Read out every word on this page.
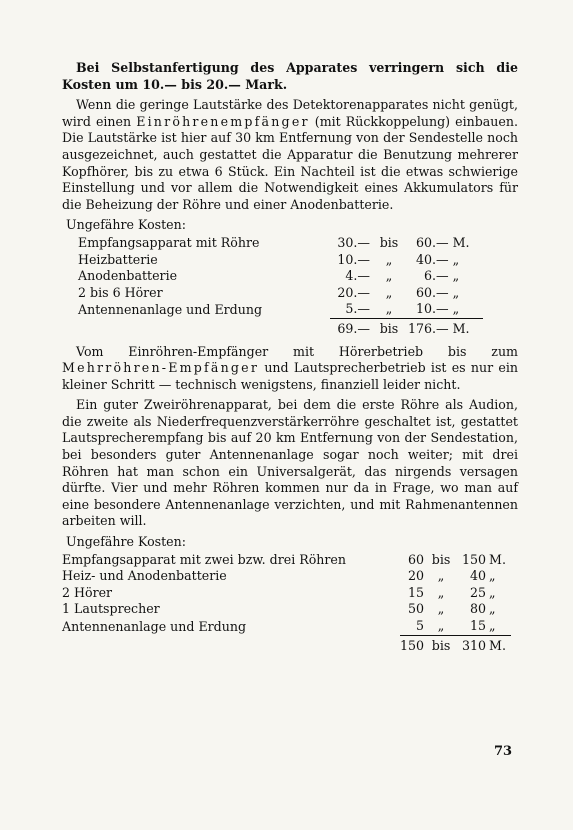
Bei Selbstanfertigung des Apparates verringern sich die Kosten um 10.— bis 20.— Mark.

Wenn die geringe Lautstärke des Detektorenapparates nicht genügt, wird einen Einröhrenempfänger (mit Rückkoppelung) einbauen. Die Lautstärke ist hier auf 30 km Entfernung von der Sendestelle noch ausgezeichnet, auch gestattet die Apparatur die Benutzung mehrerer Kopfhörer, bis zu etwa 6 Stück. Ein Nachteil ist die etwas schwierige Einstellung und vor allem die Notwendigkeit eines Akkumulators für die Beheizung der Röhre und einer Anodenbatterie.

Ungefähre Kosten:

Empfangsapparat mit Röhre	30.—	bis	60.—	M.
Heizbatterie	10.—	„	40.—	„
Anodenbatterie	4.—	„	6.—	„
2 bis 6 Hörer	20.—	„	60.—	„
Antennenanlage und Erdung	5.—	„	10.—	„
	69.—	bis	176.—	M.

Vom Einröhren-Empfänger mit Hörerbetrieb bis zum Mehrröhren-Empfänger und Lautsprecherbetrieb ist es nur ein kleiner Schritt — technisch wenigstens, finanziell leider nicht.

Ein guter Zweiröhrenapparat, bei dem die erste Röhre als Audion, die zweite als Niederfrequenzverstärkerröhre geschaltet ist, gestattet Lautsprecherempfang bis auf 20 km Entfernung von der Sendestation, bei besonders guter Antennenanlage sogar noch weiter; mit drei Röhren hat man schon ein Universalgerät, das nirgends versagen dürfte. Vier und mehr Röhren kommen nur da in Frage, wo man auf eine besondere Antennenanlage verzichten, und mit Rahmenantennen arbeiten will.

Ungefähre Kosten:

Empfangsapparat mit zwei bzw. drei Röhren	60	bis	150	M.
Heiz- und Anodenbatterie	20	„	40	„
2 Hörer	15	„	25	„
1 Lautsprecher	50	„	80	„
Antennenanlage und Erdung	5	„	15	„
	150	bis	310	M.
73
